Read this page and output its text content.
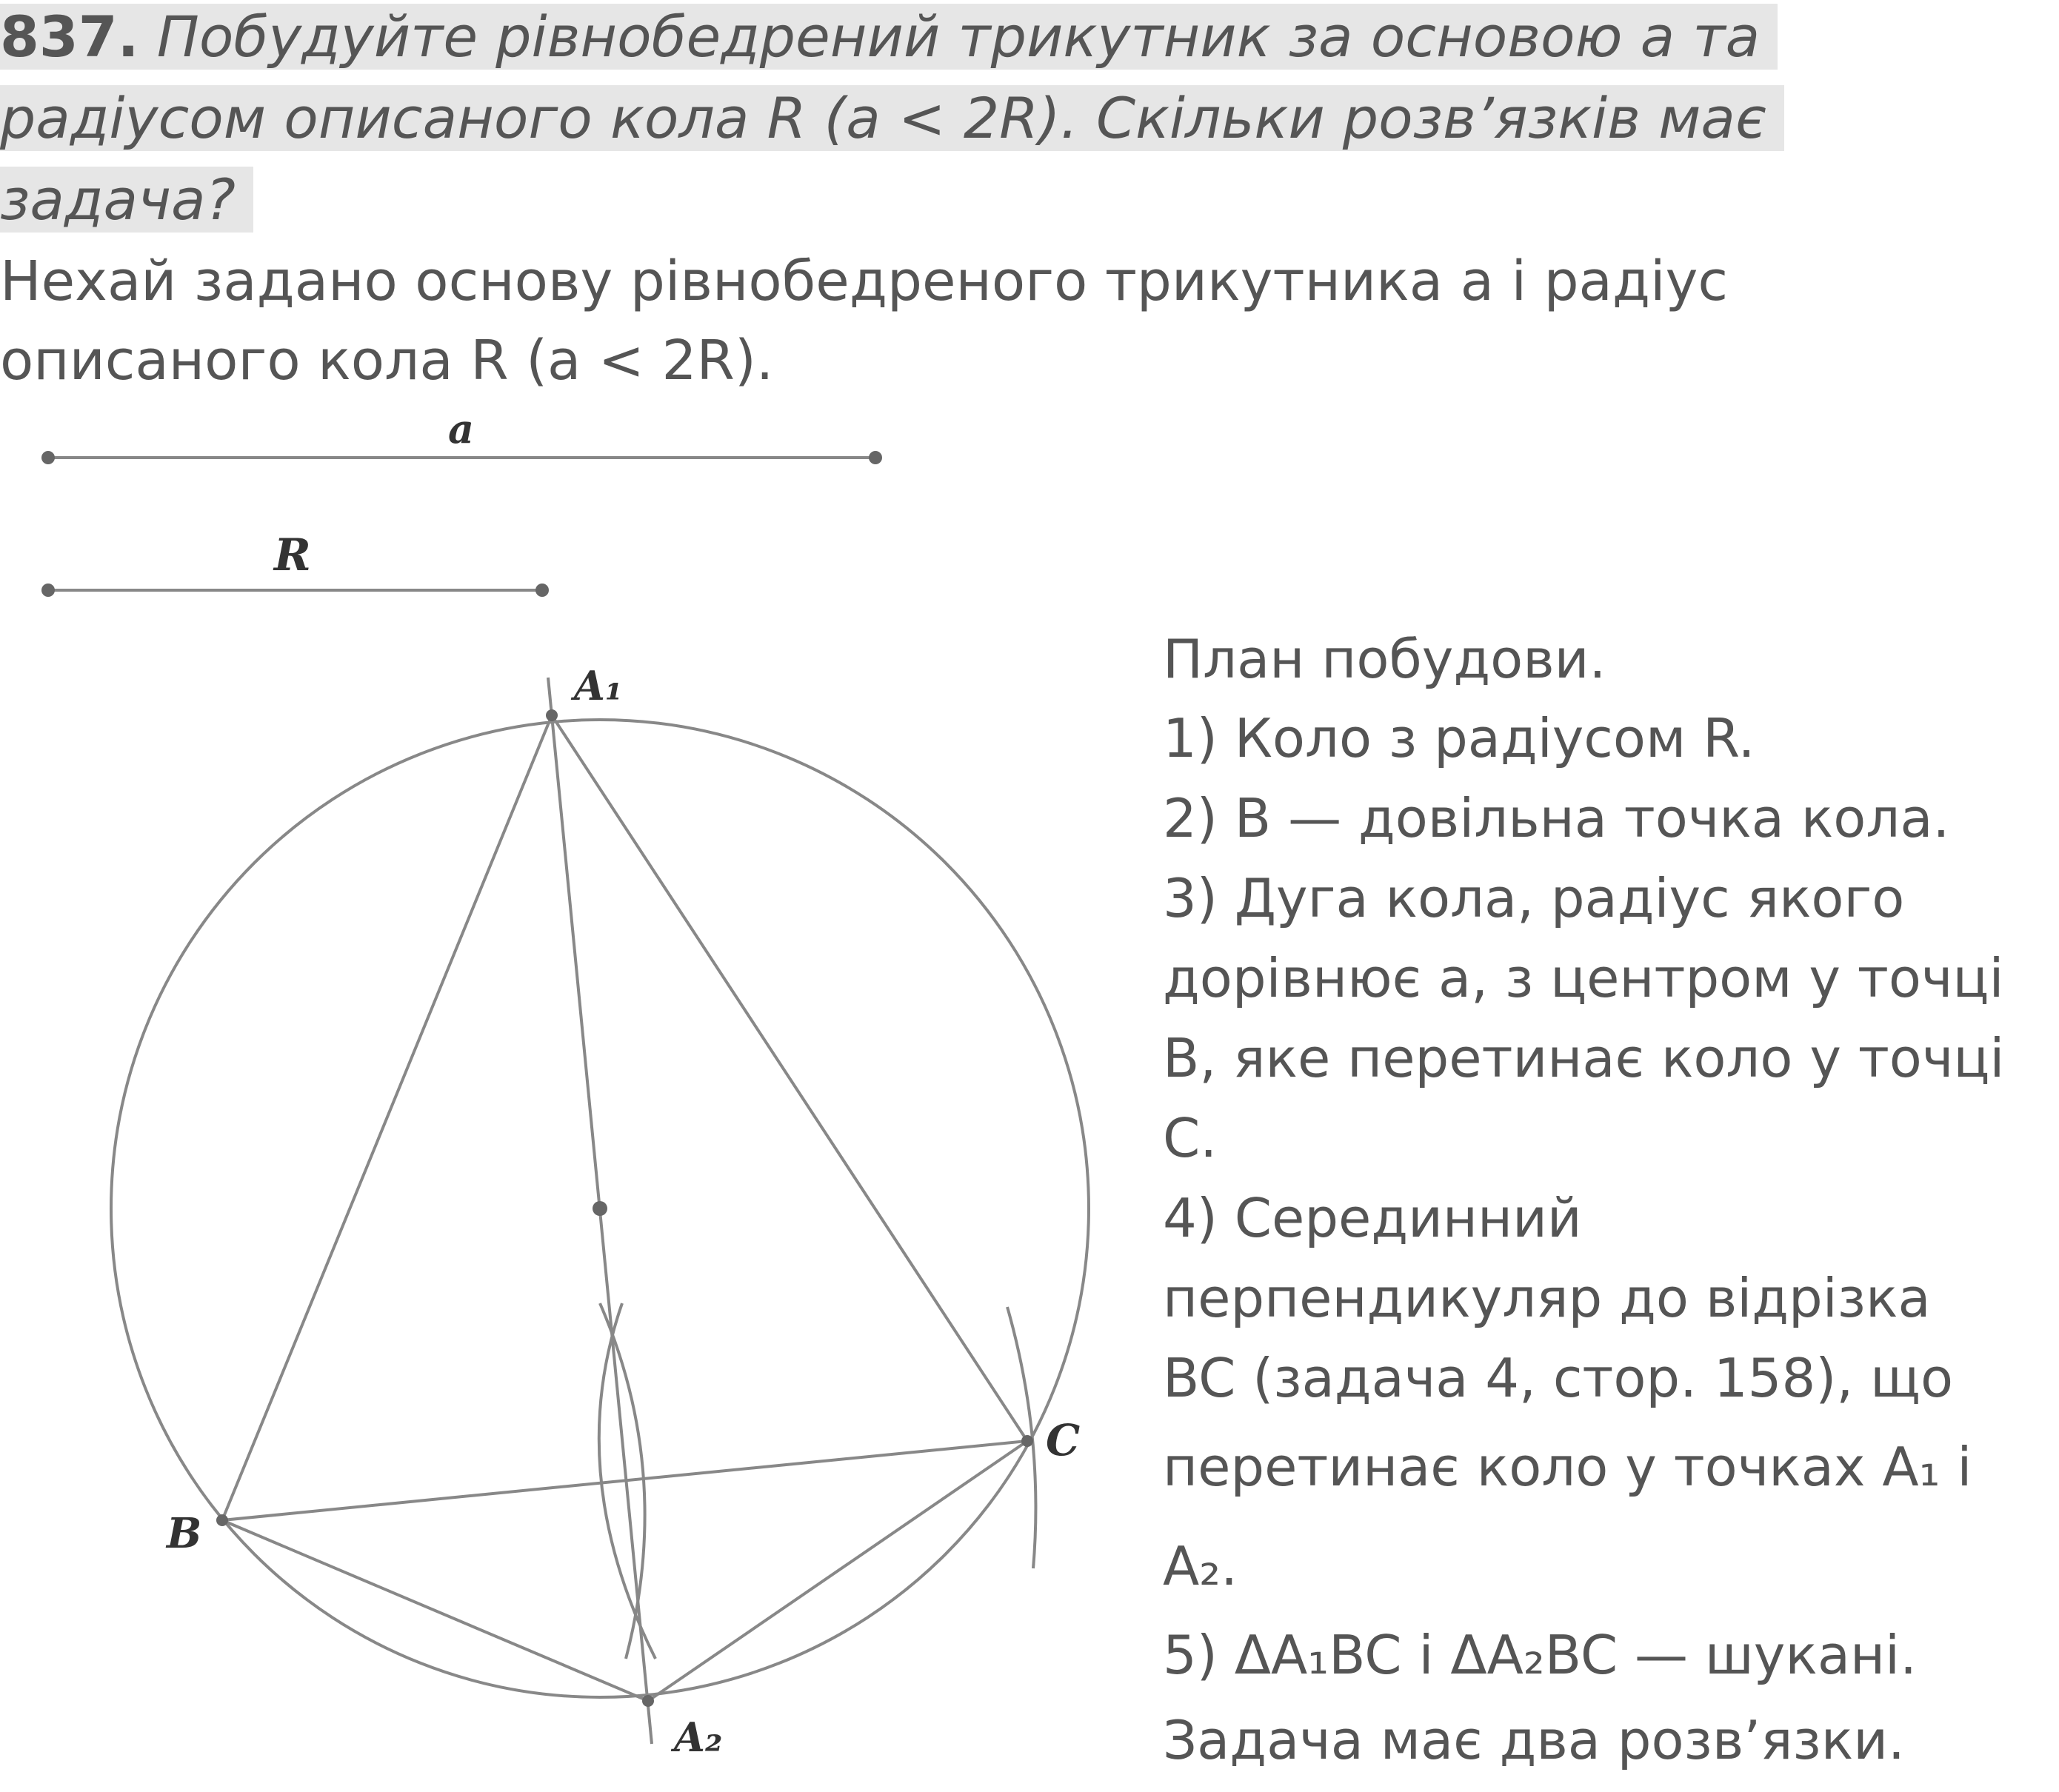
837. Побудуйте рівнобедрений трикутник за основою a та
радіусом описаного кола R (a < 2R). Скільки розв’язків має
задача?
Нехай задано основу рівнобедреного трикутника a і радіус
описаного кола R (a < 2R).
a
R
A₁
A₂
B
C
План побудови.
1) Коло з радіусом R.
2) B — довільна точка кола.
3) Дуга кола, радіус якого
дорівнює a, з центром у точці
B, яке перетинає коло у точці
C.
4) Серединний
перпендикуляр до відрізка
BC (задача 4, стор. 158), що
перетинає коло у точках A₁ і
A₂.
5) ΔA₁BC і ΔA₂BC — шукані.
Задача має два розв’язки.
